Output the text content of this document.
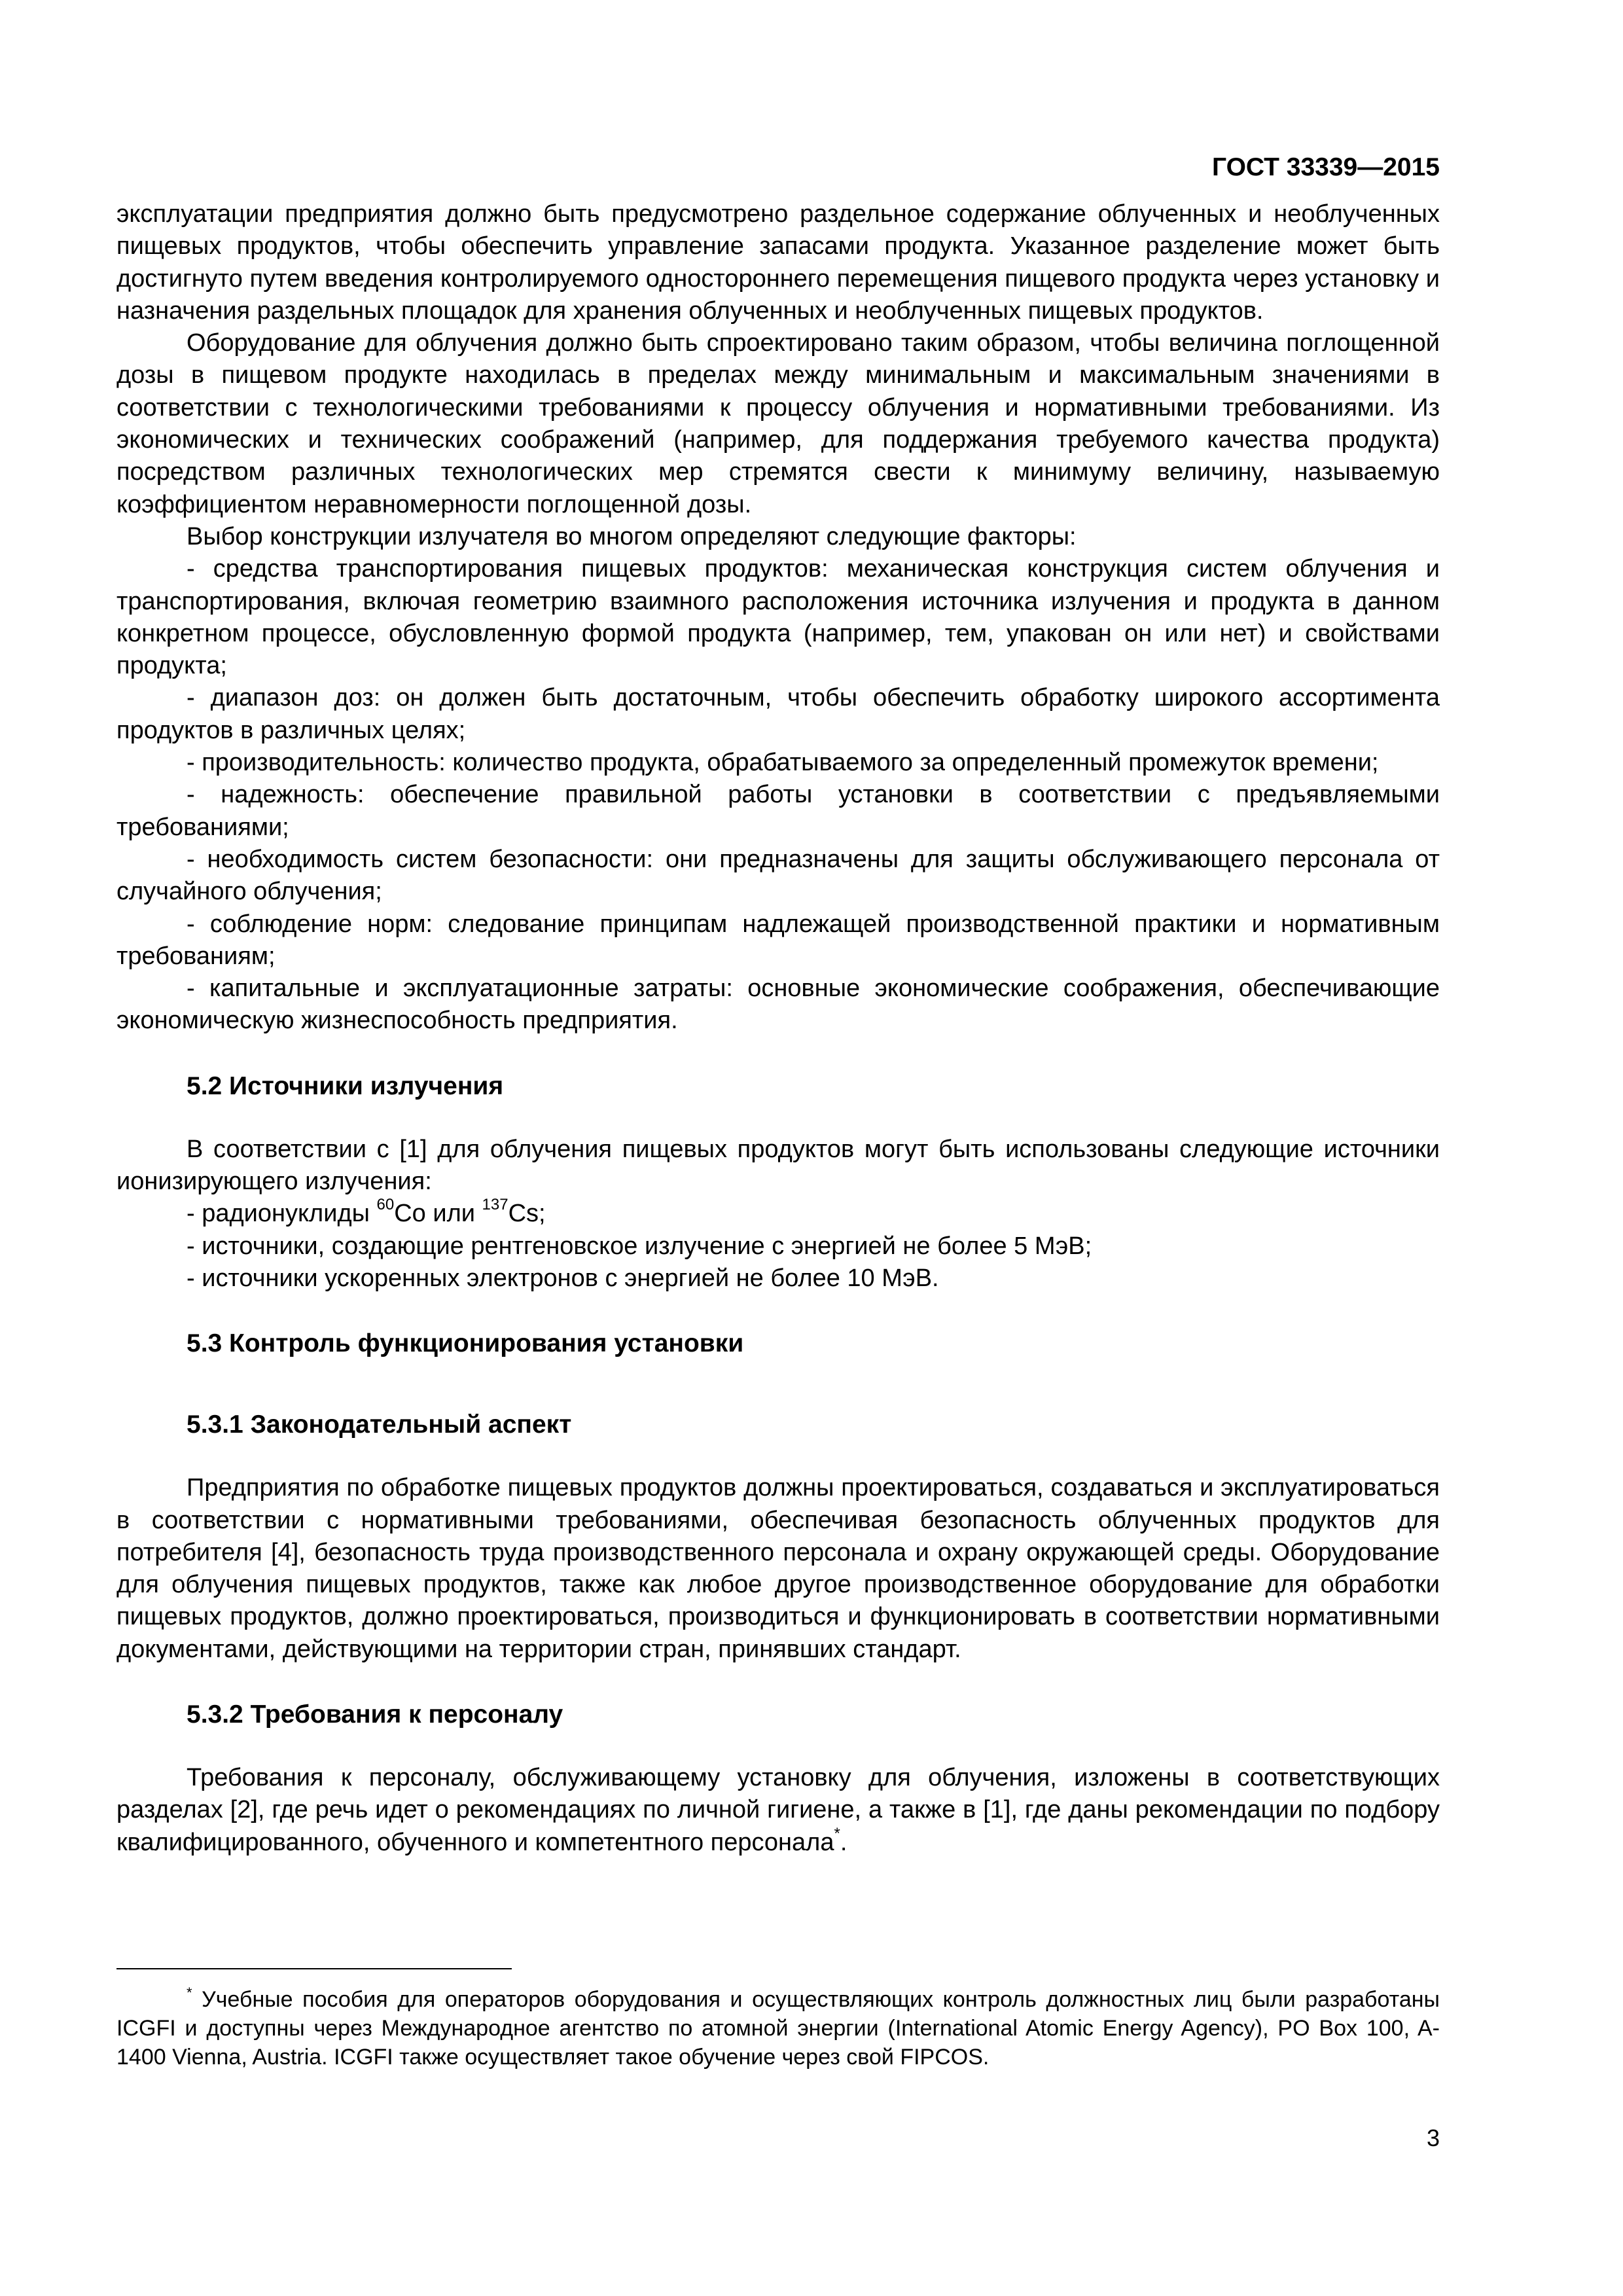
ГОСТ 33339—2015

эксплуатации предприятия должно быть предусмотрено раздельное содержание облученных и необлученных пищевых продуктов, чтобы обеспечить управление запасами продукта. Указанное разделение может быть достигнуто путем введения контролируемого одностороннего перемещения пищевого продукта через установку и назначения раздельных площадок для хранения облученных и необлученных пищевых продуктов.

Оборудование для облучения должно быть спроектировано таким образом, чтобы величина поглощенной дозы в пищевом продукте находилась в пределах между минимальным и максимальным значениями в соответствии с технологическими требованиями к процессу облучения и нормативными требованиями. Из экономических и технических соображений (например, для поддержания требуемого качества продукта) посредством различных технологических мер стремятся свести к минимуму величину, называемую коэффициентом неравномерности поглощенной дозы.

Выбор конструкции излучателя во многом определяют следующие факторы:

- средства транспортирования пищевых продуктов: механическая конструкция систем облучения и транспортирования, включая геометрию взаимного расположения источника излучения и продукта в данном конкретном процессе, обусловленную формой продукта (например, тем, упакован он или нет) и свойствами продукта;

- диапазон доз: он должен быть достаточным, чтобы обеспечить обработку широкого ассортимента продуктов в различных целях;

- производительность: количество продукта, обрабатываемого за определенный промежуток времени;

- надежность: обеспечение правильной работы установки в соответствии с предъявляемыми требованиями;

- необходимость систем безопасности: они предназначены для защиты обслуживающего персонала от случайного облучения;

- соблюдение норм: следование принципам надлежащей производственной практики и нормативным требованиям;

- капитальные и эксплуатационные затраты: основные экономические соображения, обеспечивающие экономическую жизнеспособность предприятия.

5.2 Источники излучения

В соответствии с [1] для облучения пищевых продуктов могут быть использованы следующие источники ионизирующего излучения:

- радионуклиды $^{60}$Co или $^{137}$Cs;

- источники, создающие рентгеновское излучение с энергией не более 5 МэВ;

- источники ускоренных электронов с энергией не более 10 МэВ.

5.3 Контроль функционирования установки
5.3.1 Законодательный аспект

Предприятия по обработке пищевых продуктов должны проектироваться, создаваться и эксплуатироваться в соответствии с нормативными требованиями, обеспечивая безопасность облученных продуктов для потребителя [4], безопасность труда производственного персонала и охрану окружающей среды. Оборудование для облучения пищевых продуктов, также как любое другое производственное оборудование для обработки пищевых продуктов, должно проектироваться, производиться и функционировать в соответствии нормативными документами, действующими на территории стран, принявших стандарт.

5.3.2 Требования к персоналу

Требования к персоналу, обслуживающему установку для облучения, изложены в соответствующих разделах [2], где речь идет о рекомендациях по личной гигиене, а также в [1], где даны рекомендации по подбору квалифицированного, обученного и компетентного персонала*.

* Учебные пособия для операторов оборудования и осуществляющих контроль должностных лиц были разработаны ICGFI и доступны через Международное агентство по атомной энергии (International Atomic Energy Agency), PO Box 100, A-1400 Vienna, Austria. ICGFI также осуществляет такое обучение через свой FIPCOS.

3
